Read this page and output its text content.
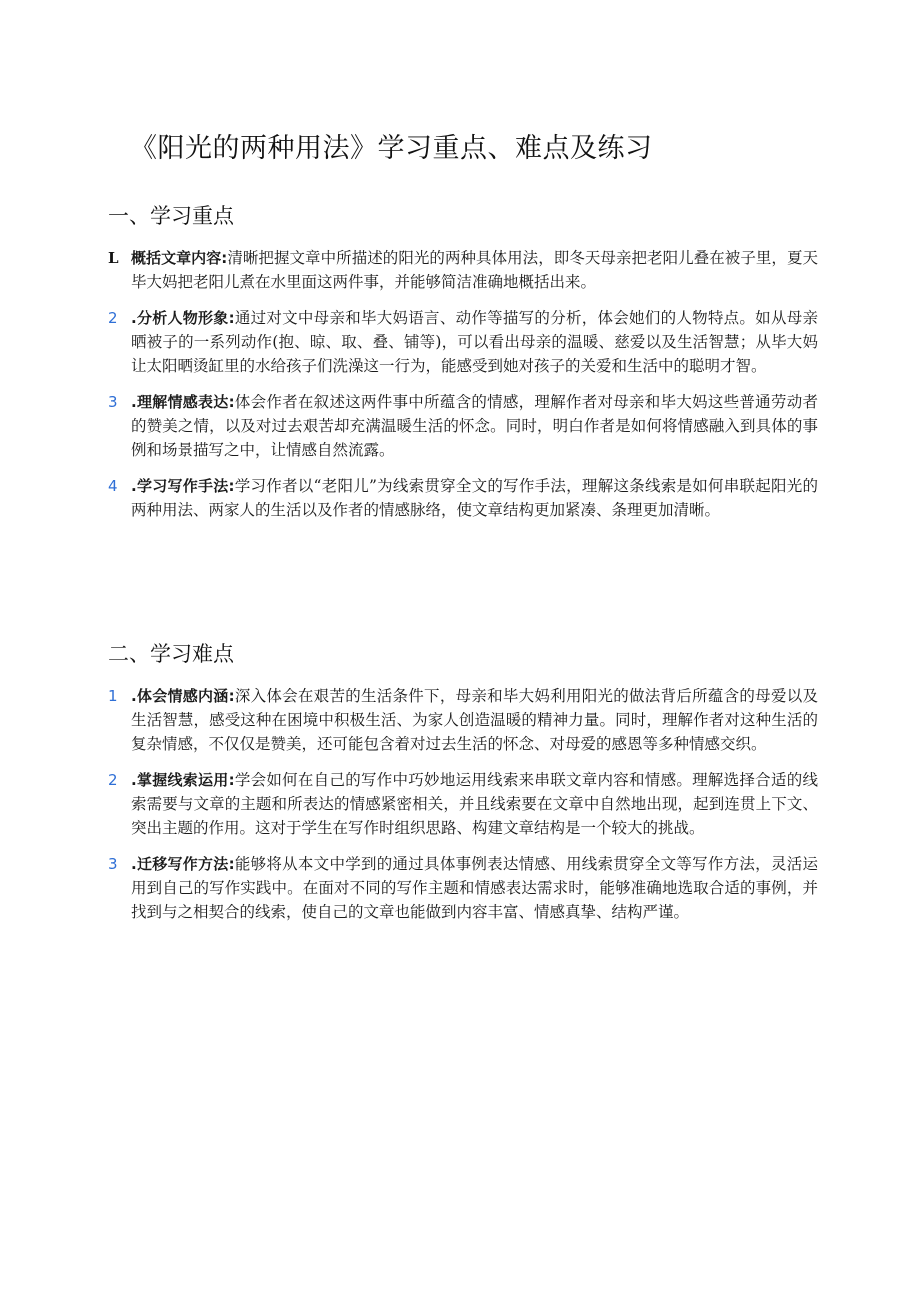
《阳光的两种用法》学习重点、难点及练习
一、学习重点
L 概括文章内容:清晰把握文章中所描述的阳光的两种具体用法，即冬天母亲把老阳儿叠在被子里，夏天毕大妈把老阳儿煮在水里面这两件事，并能够简洁准确地概括出来。
2 .分析人物形象:通过对文中母亲和毕大妈语言、动作等描写的分析，体会她们的人物特点。如从母亲晒被子的一系列动作(抱、晾、取、叠、铺等)，可以看出母亲的温暖、慈爱以及生活智慧；从毕大妈让太阳晒烫缸里的水给孩子们洗澡这一行为，能感受到她对孩子的关爱和生活中的聪明才智。
3 .理解情感表达:体会作者在叙述这两件事中所蕴含的情感，理解作者对母亲和毕大妈这些普通劳动者的赞美之情，以及对过去艰苦却充满温暖生活的怀念。同时，明白作者是如何将情感融入到具体的事例和场景描写之中，让情感自然流露。
4 .学习写作手法:学习作者以“老阳儿”为线索贯穿全文的写作手法，理解这条线索是如何串联起阳光的两种用法、两家人的生活以及作者的情感脉络，使文章结构更加紧凑、条理更加清晰。
二、学习难点
1 .体会情感内涵:深入体会在艰苦的生活条件下，母亲和毕大妈利用阳光的做法背后所蕴含的母爱以及生活智慧，感受这种在困境中积极生活、为家人创造温暖的精神力量。同时，理解作者对这种生活的复杂情感，不仅仅是赞美，还可能包含着对过去生活的怀念、对母爱的感恩等多种情感交织。
2 .掌握线索运用:学会如何在自己的写作中巧妙地运用线索来串联文章内容和情感。理解选择合适的线索需要与文章的主题和所表达的情感紧密相关，并且线索要在文章中自然地出现，起到连贯上下文、突出主题的作用。这对于学生在写作时组织思路、构建文章结构是一个较大的挑战。
3 .迁移写作方法:能够将从本文中学到的通过具体事例表达情感、用线索贯穿全文等写作方法，灵活运用到自己的写作实践中。在面对不同的写作主题和情感表达需求时，能够准确地选取合适的事例，并找到与之相契合的线索，使自己的文章也能做到内容丰富、情感真挚、结构严谨。
